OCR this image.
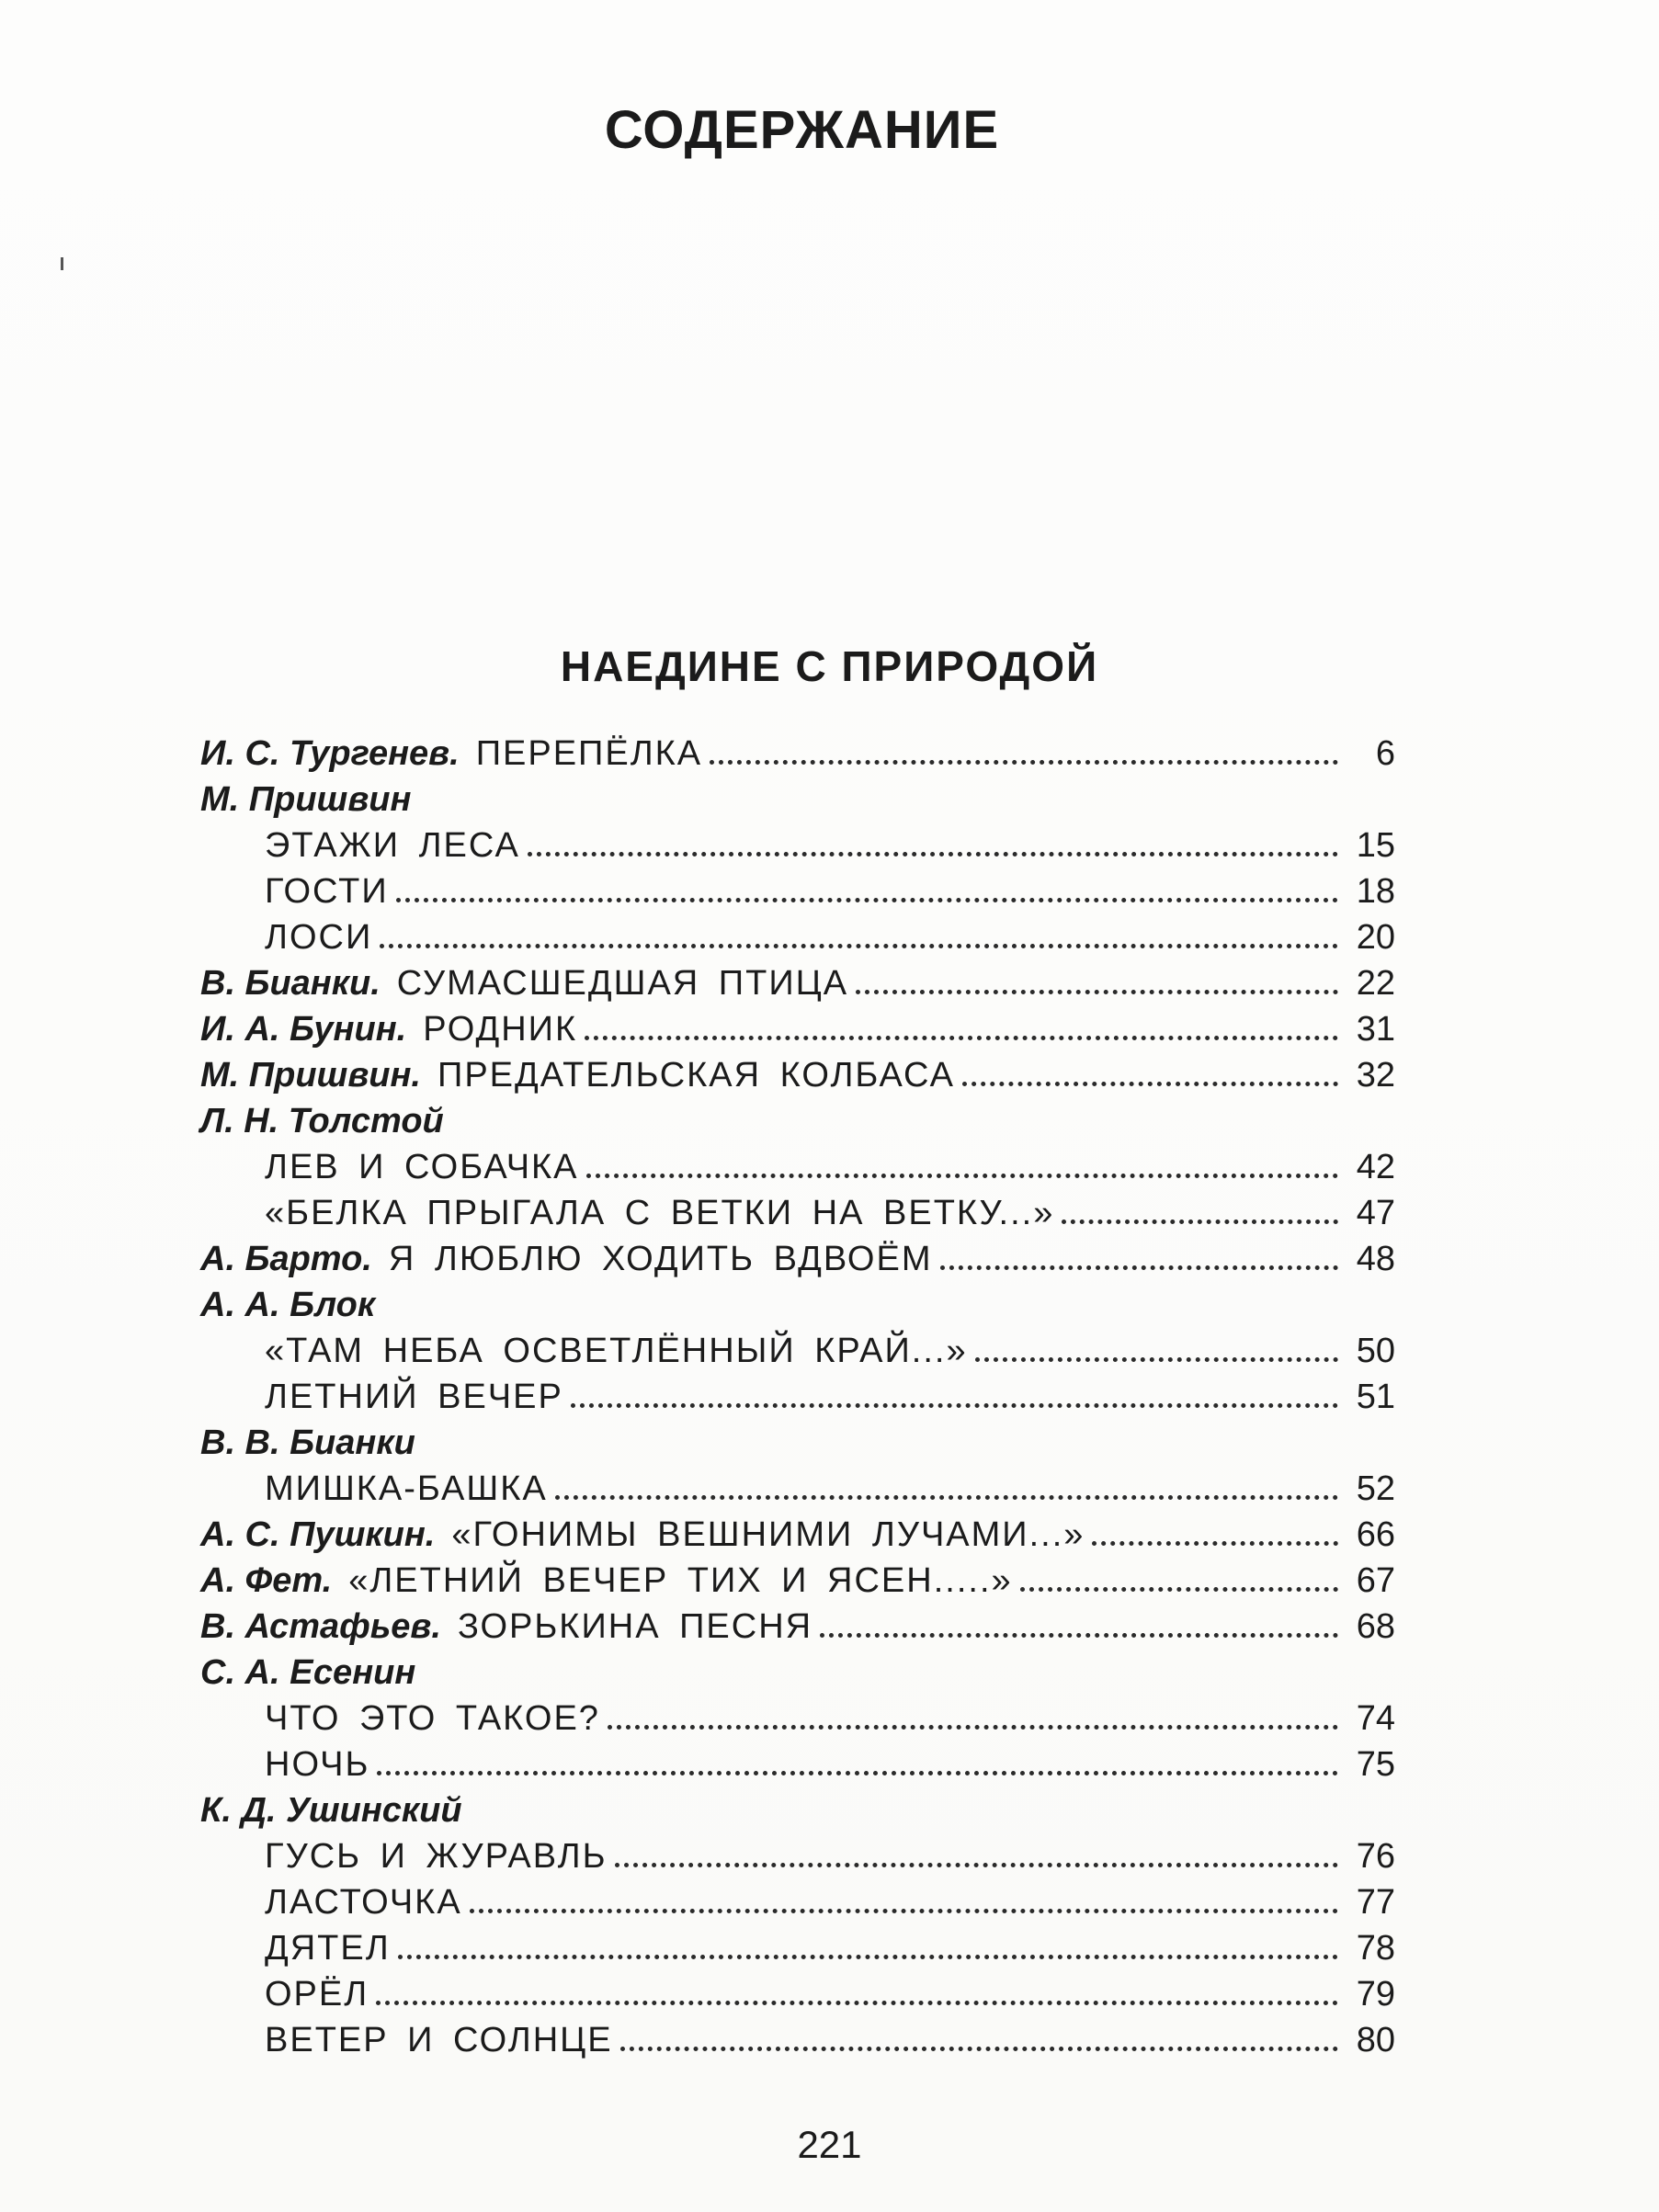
СОДЕРЖАНИЕ
НАЕДИНЕ С ПРИРОДОЙ
И. С. Тургенев. ПЕРЕПЁЛКА	6
М. Пришвин
ЭТАЖИ ЛЕСА	15
ГОСТИ	18
ЛОСИ	20
В. Бианки. СУМАСШЕДШАЯ ПТИЦА	22
И. А. Бунин. РОДНИК	31
М. Пришвин. ПРЕДАТЕЛЬСКАЯ КОЛБАСА	32
Л. Н. Толстой
ЛЕВ И СОБАЧКА	42
«БЕЛКА ПРЫГАЛА С ВЕТКИ НА ВЕТКУ...»	47
А. Барто. Я ЛЮБЛЮ ХОДИТЬ ВДВОЁМ	48
А. А. Блок
«ТАМ НЕБА ОСВЕТЛЁННЫЙ КРАЙ...»	50
ЛЕТНИЙ ВЕЧЕР	51
В. В. Бианки
МИШКА-БАШКА	52
А. С. Пушкин. «ГОНИМЫ ВЕШНИМИ ЛУЧАМИ...»	66
А. Фет. «ЛЕТНИЙ ВЕЧЕР ТИХ И ЯСЕН.....»	67
В. Астафьев. ЗОРЬКИНА ПЕСНЯ	68
С. А. Есенин
ЧТО ЭТО ТАКОЕ?	74
НОЧЬ	75
К. Д. Ушинский
ГУСЬ И ЖУРАВЛЬ	76
ЛАСТОЧКА	77
ДЯТЕЛ	78
ОРЁЛ	79
ВЕТЕР И СОЛНЦЕ	80
221
